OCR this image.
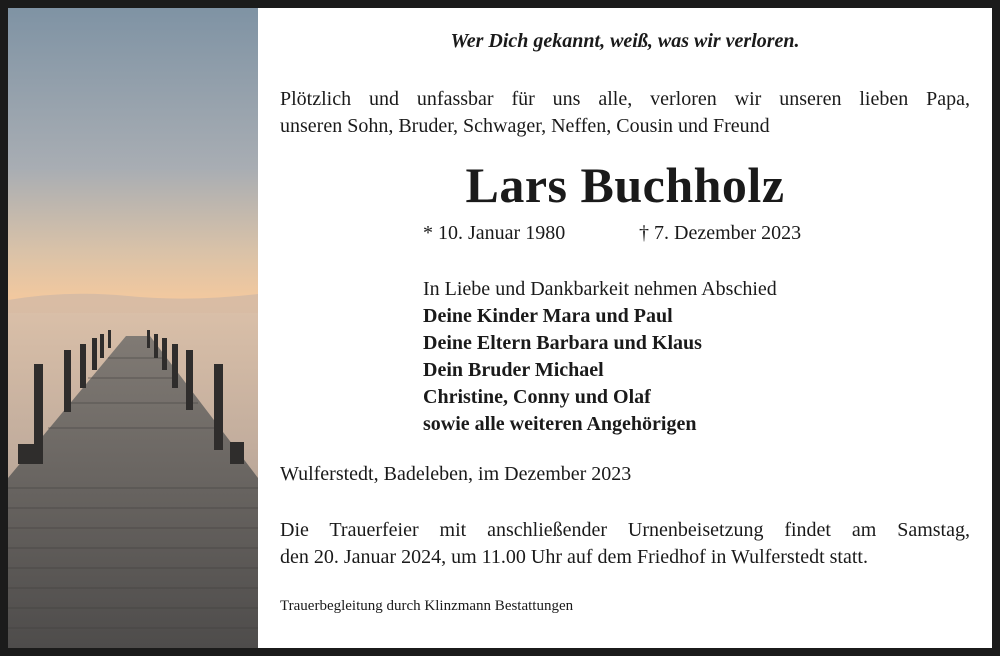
Wer Dich gekannt, weiß, was wir verloren.
Plötzlich und unfassbar für uns alle, verloren wir unseren lieben Papa,
unseren Sohn, Bruder, Schwager, Neffen, Cousin und Freund
Lars Buchholz
* 10. Januar 1980	† 7. Dezember 2023
In Liebe und Dankbarkeit nehmen Abschied
Deine Kinder Mara und Paul
Deine Eltern Barbara und Klaus
Dein Bruder Michael
Christine, Conny und Olaf
sowie alle weiteren Angehörigen
Wulferstedt, Badeleben, im Dezember 2023
Die Trauerfeier mit anschließender Urnenbeisetzung findet am Samstag,
den 20. Januar 2024, um 11.00 Uhr auf dem Friedhof in Wulferstedt statt.
Trauerbegleitung durch Klinzmann Bestattungen
